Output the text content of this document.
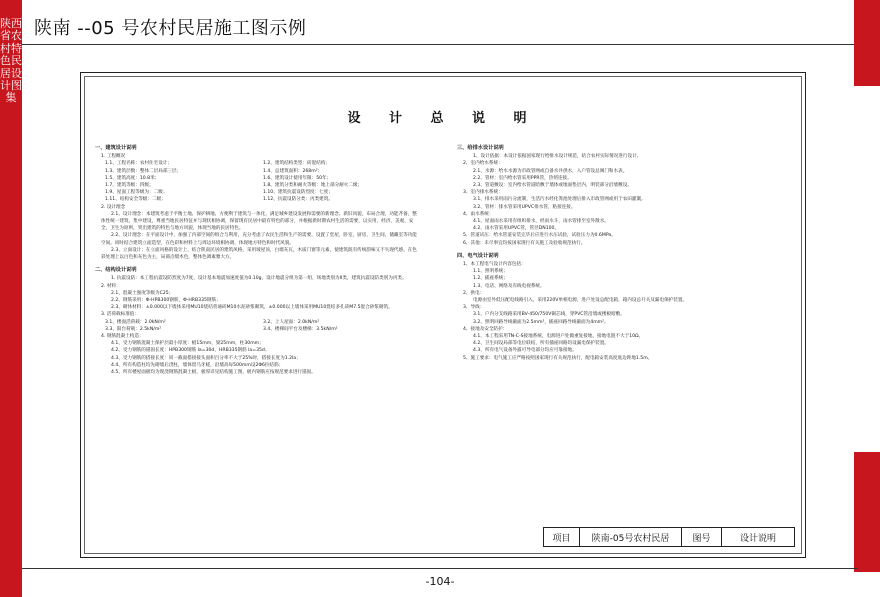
陕西省农村特色民居设计图集
陕南 --05 号农村民居施工图示例
设 计 总 说 明
一、建筑设计说明
1. 工程概况
1.1、工程名称：农村住宅设计；	1.2、建筑结构类型：砖混结构；
1.3、建筑层数：整体二层局部三层；	1.4、总建筑面积：268m²；
1.5、建筑高度：10.8米；	1.6、建筑设计使用年限：50年；
1.7、建筑等级：四级；	1.8、建筑分类和耐火等级：地上部分耐火二级；
1.9、屋面工程等级为：二级；	1.10、建筑抗震设防烈度：七度；
1.11、结构安全等级：二级；	1.12、抗震设防分类：丙类建筑。
2. 设计理念
2.1、设计理念：本建筑考虑于平衡土地、保护耕地、方便利于建筑与一体化、满足城乡建设发展和需要的新理念。新旧风貌，布局合理，功能齐备，整体性统一建筑，集中建设，尊重当地民居特征并与现状相协调，保留现有民居中最有特色的部分，并根据新时期农村生活的需要，以实用，经济，美观，安全，卫生为原则，突出建筑的特色与地方风貌，体现当地的民居特色。
2.2、设计理念：在平面设计中，加强了内部空间的组合与利用，充分考虑了农民生活和生产的需要，设置了堂屋，卧室，厨房，卫生间，储藏室等功能空间。同时结合建筑立面造型，在色彩和材料上与周边环境相协调，体现地方特色和时代风貌。
2.3、立面设计：在立面风格的设计上，结合陕南民居的建筑风格，采用坡屋顶，白墙灰瓦，木质门窗等元素，使建筑既有传统韵味又不失现代感。在色彩处理上以白色和灰色为主，局部点缀木色，整体色调素雅大方。
二、结构设计说明
1. 抗震设防：本工程抗震设防烈度为7度，设计基本地震加速度值为0.10g，设计地震分组为第一组，场地类别为II类，建筑抗震设防类别为丙类。
2. 材料：
2.1、混凝土强度等级为C25；
2.2、钢筋采用：Φ-HPB300钢筋，Φ-HRB335钢筋；
2.3、砌体材料：±0.000以下墙体采用MU10烧结普通砖M10水泥砂浆砌筑，±0.000以上墙体采用MU10烧结多孔砖M7.5混合砂浆砌筑。
3. 活荷载标准值：
3.1、楼面活荷载：2.0kN/m²	3.2、上人屋面：2.0kN/m²
3.3、阳台荷载：2.5kN/m²	3.4、楼梯间平台及楼梯：3.5kN/m²
4. 钢筋混凝土构造：
4.1、受力钢筋混凝土保护层最小厚度：板15mm，梁25mm，柱30mm；
4.2、受力钢筋的锚固长度：HPB300钢筋 la=30d，HRB335钢筋 la=35d；
4.3、受力钢筋的搭接长度：同一截面搭接接头面积百分率不大于25%时，搭接长度为1.2la；
4.4、所有构造柱均先砌墙后浇柱，墙体留马牙槎，沿墙高每500mm设2Φ6拉结筋；
4.5、所有楼屋面板均为现浇钢筋混凝土板，板厚详见结构施工图，板内钢筋应按规范要求进行锚固。
三、给排水设计说明
1、设计依据：本设计依据国家现行给排水设计规范，结合农村实际情况进行设计。
2、室内给水系统：
2.1、水源：给水水源为市政管网或自备水井供水，入户管设总阀门和水表。
2.2、管材：室内给水管采用PPR管，热熔连接。
2.3、管道敷设：室内给水管道暗敷于墙体或地面垫层内，明装部分沿墙敷设。
3、室内排水系统：
3.1、排水采用雨污分流制，生活污水经化粪池处理后排入市政管网或用于农田灌溉。
3.2、管材：排水管采用UPVC排水管，粘接连接。
4、雨水系统：
4.1、屋面雨水采用有组织排水，经雨水斗，雨水管排至室外散水。
4.2、雨水管采用UPVC管，管径DN100。
5、管道试压：给水管道安装完毕后应进行水压试验，试验压力为0.6MPa。
6、其他：未尽事宜均按国家现行有关施工及验收规范执行。
四、电气设计说明
1、本工程电气设计内容包括：
1.1、照明系统；
1.2、插座系统；
1.3、电话、网络及有线电视系统。
2、供电：
电源由室外低压配电线路引入，采用220V单相电源，进户处设总配电箱，箱内设总开关及漏电保护装置。
3、导线：
3.1、户内分支线路采用BV-450/750V铜芯线，穿PVC管沿墙或楼板暗敷。
3.2、照明回路导线截面为2.5mm²，插座回路导线截面为4mm²。
4、接地及安全防护：
4.1、本工程采用TN-C-S接地系统，电源进户处做重复接地，接地电阻不大于10Ω。
4.2、卫生间设局部等电位联结，所有插座回路均设漏电保护装置。
4.3、所有电气设备外露可导电部分均应可靠接地。
5、施工要求：电气施工应严格按照国家现行有关规范执行，配电箱安装高度底边距地1.5m。
项目	陕南-05号农村民居	图号	设计说明
-104-
